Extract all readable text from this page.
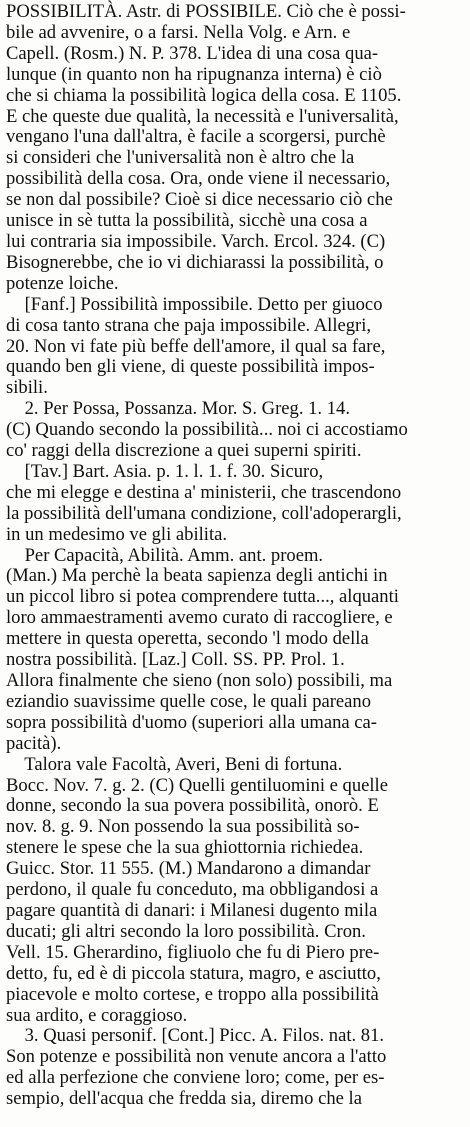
POSSIBILITÀ. Astr. di POSSIBILE. Ciò che è possi-
bile ad avvenire, o a farsi. Nella Volg. e Arn. e
Capell. (Rosm.) N. P. 378. L'idea di una cosa qua-
lunque (in quanto non ha ripugnanza interna) è ciò
che si chiama la possibilità logica della cosa. E 1105.
E che queste due qualità, la necessità e l'universalità,
vengano l'una dall'altra, è facile a scorgersi, purchè
si consideri che l'universalità non è altro che la
possibilità della cosa. Ora, onde viene il necessario,
se non dal possibile? Cioè si dice necessario ciò che
unisce in sè tutta la possibilità, sicchè una cosa a
lui contraria sia impossibile. Varch. Ercol. 324. (C)
Bisognerebbe, che io vi dichiarassi la possibilità, o
potenze loiche.
[Fanf.] Possibilità impossibile. Detto per giuoco
di cosa tanto strana che paja impossibile. Allegri,
20. Non vi fate più beffe dell'amore, il qual sa fare,
quando ben gli viene, di queste possibilità impos-
sibili.
2. Per Possa, Possanza. Mor. S. Greg. 1. 14.
(C) Quando secondo la possibilità... noi ci accostiamo
co' raggi della discrezione a quei superni spiriti.
[Tav.] Bart. Asia. p. 1. l. 1. f. 30. Sicuro,
che mi elegge e destina a' ministerii, che trascendono
la possibilità dell'umana condizione, coll'adoperargli,
in un medesimo ve gli abilita.
Per Capacità, Abilità. Amm. ant. proem.
(Man.) Ma perchè la beata sapienza degli antichi in
un piccol libro si potea comprendere tutta..., alquanti
loro ammaestramenti avemo curato di raccogliere, e
mettere in questa operetta, secondo 'l modo della
nostra possibilità. [Laz.] Coll. SS. PP. Prol. 1.
Allora finalmente che sieno (non solo) possibili, ma
eziandio suavissime quelle cose, le quali pareano
sopra possibilità d'uomo (superiori alla umana ca-
pacità).
Talora vale Facoltà, Averi, Beni di fortuna.
Bocc. Nov. 7. g. 2. (C) Quelli gentiluomini e quelle
donne, secondo la sua povera possibilità, onorò. E
nov. 8. g. 9. Non possendo la sua possibilità so-
stenere le spese che la sua ghiottornia richiedea.
Guicc. Stor. 11 555. (M.) Mandarono a dimandar
perdono, il quale fu conceduto, ma obbligandosi a
pagare quantità di danari: i Milanesi dugento mila
ducati; gli altri secondo la loro possibilità. Cron.
Vell. 15. Gherardino, figliuolo che fu di Piero pre-
detto, fu, ed è di piccola statura, magro, e asciutto,
piacevole e molto cortese, e troppo alla possibilità
sua ardito, e coraggioso.
3. Quasi personif. [Cont.] Picc. A. Filos. nat. 81.
Son potenze e possibilità non venute ancora a l'atto
ed alla perfezione che conviene loro; come, per es-
sempio, dell'acqua che fredda sia, diremo che la
